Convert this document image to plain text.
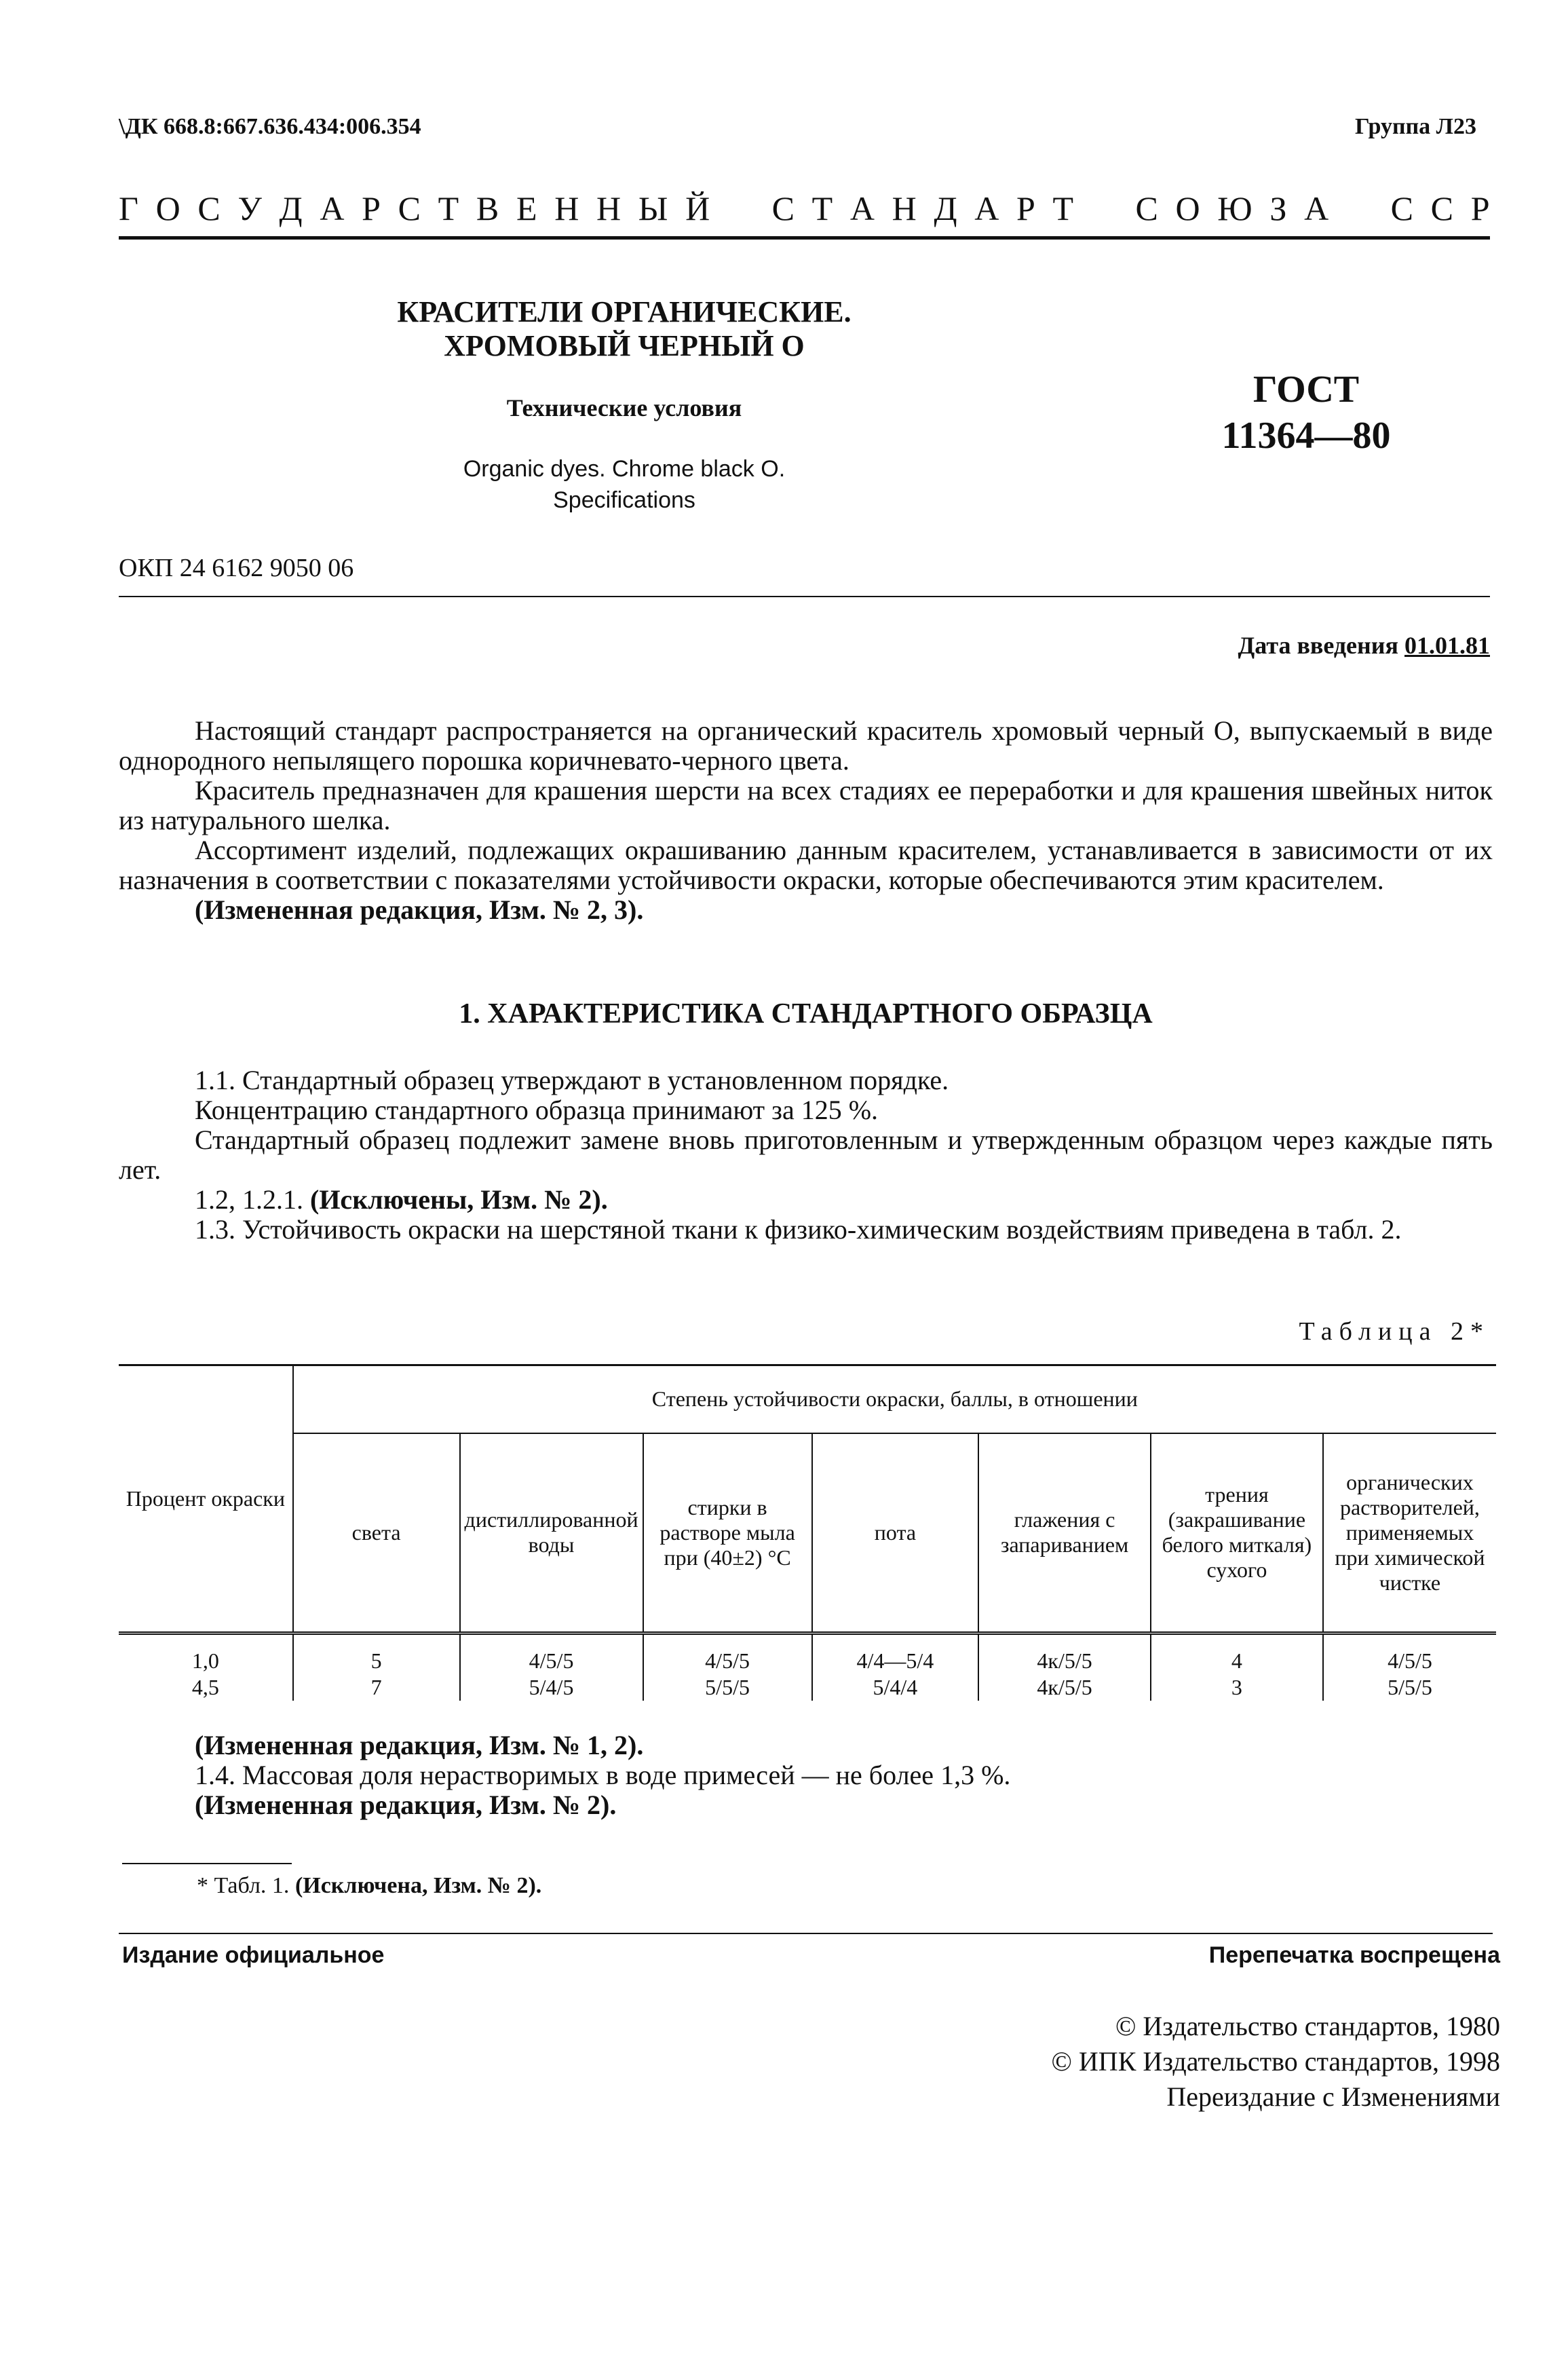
\ДК 668.8:667.636.434:006.354	Группа Л23
Г О С У Д А Р С Т В Е Н Н Ы Й
С Т А Н Д А Р Т
С О Ю З А
С С Р
КРАСИТЕЛИ ОРГАНИЧЕСКИЕ.
ХРОМОВЫЙ ЧЕРНЫЙ О
Технические условия
Organic dyes. Chrome black O.
Specifications
ГОСТ
11364—80
ОКП 24 6162 9050 06
Дата введения 01.01.81

Настоящий стандарт распространяется на органический краситель хромовый черный О, выпускаемый в виде однородного непылящего порошка коричневато-черного цвета.

Краситель предназначен для крашения шерсти на всех стадиях ее переработки и для крашения швейных ниток из натурального шелка.

Ассортимент изделий, подлежащих окрашиванию данным красителем, устанавливается в зависимости от их назначения в соответствии с показателями устойчивости окраски, которые обеспечиваются этим красителем.

(Измененная редакция, Изм. № 2, 3).

1. ХАРАКТЕРИСТИКА СТАНДАРТНОГО ОБРАЗЦА

1.1. Стандартный образец утверждают в установленном порядке.

Концентрацию стандартного образца принимают за 125 %.

Стандартный образец подлежит замене вновь приготовленным и утвержденным образцом через каждые пять лет.

1.2, 1.2.1. (Исключены, Изм. № 2).

1.3. Устойчивость окраски на шерстяной ткани к физико-химическим воздействиям приведена в табл. 2.

Таблица 2*
Процент окраски	Степень устойчивости окраски, баллы, в отношении						
	света	дистиллированной воды	стирки в растворе мыла при (40±2) °С	пота	глажения с запариванием	трения (закрашивание белого миткаля) сухого	органических растворителей, применяемых при химической чистке
1,0	5	4/5/5	4/5/5	4/4—5/4	4к/5/5	4	4/5/5
4,5	7	5/4/5	5/5/5	5/4/4	4к/5/5	3	5/5/5

(Измененная редакция, Изм. № 1, 2).

1.4. Массовая доля нерастворимых в воде примесей — не более 1,3 %.

(Измененная редакция, Изм. № 2).

* Табл. 1. (Исключена, Изм. № 2).
Издание официальное	Перепечатка воспрещена
© Издательство стандартов, 1980
© ИПК Издательство стандартов, 1998
Переиздание с Изменениями
